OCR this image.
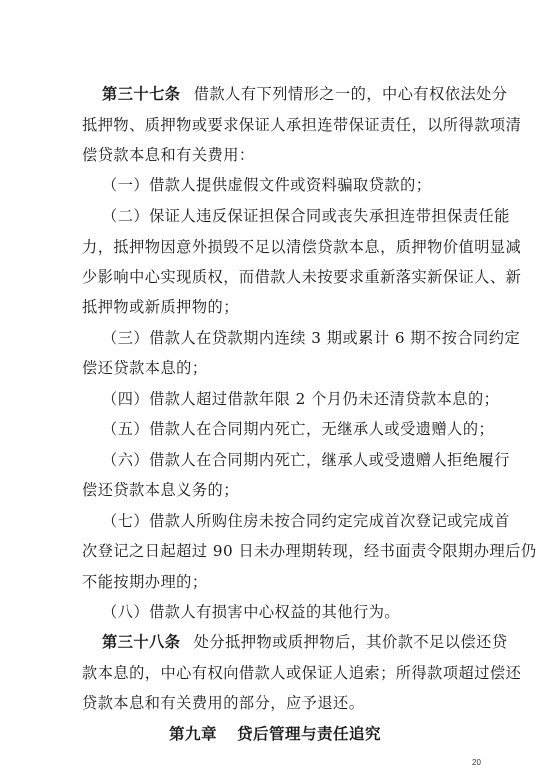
第三十七条 借款人有下列情形之一的，中心有权依法处分
抵押物、质押物或要求保证人承担连带保证责任，以所得款项清
偿贷款本息和有关费用：
（一）借款人提供虚假文件或资料骗取贷款的；
（二）保证人违反保证担保合同或丧失承担连带担保责任能
力，抵押物因意外损毁不足以清偿贷款本息，质押物价值明显减
少影响中心实现质权，而借款人未按要求重新落实新保证人、新
抵押物或新质押物的；
（三）借款人在贷款期内连续 3 期或累计 6 期不按合同约定
偿还贷款本息的；
（四）借款人超过借款年限 2 个月仍未还清贷款本息的；
（五）借款人在合同期内死亡，无继承人或受遗赠人的；
（六）借款人在合同期内死亡，继承人或受遗赠人拒绝履行
偿还贷款本息义务的；
（七）借款人所购住房未按合同约定完成首次登记或完成首
次登记之日起超过 90 日未办理期转现，经书面责令限期办理后仍
不能按期办理的；
（八）借款人有损害中心权益的其他行为。
第三十八条 处分抵押物或质押物后，其价款不足以偿还贷
款本息的，中心有权向借款人或保证人追索；所得款项超过偿还
贷款本息和有关费用的部分，应予退还。
第九章 贷后管理与责任追究
20
